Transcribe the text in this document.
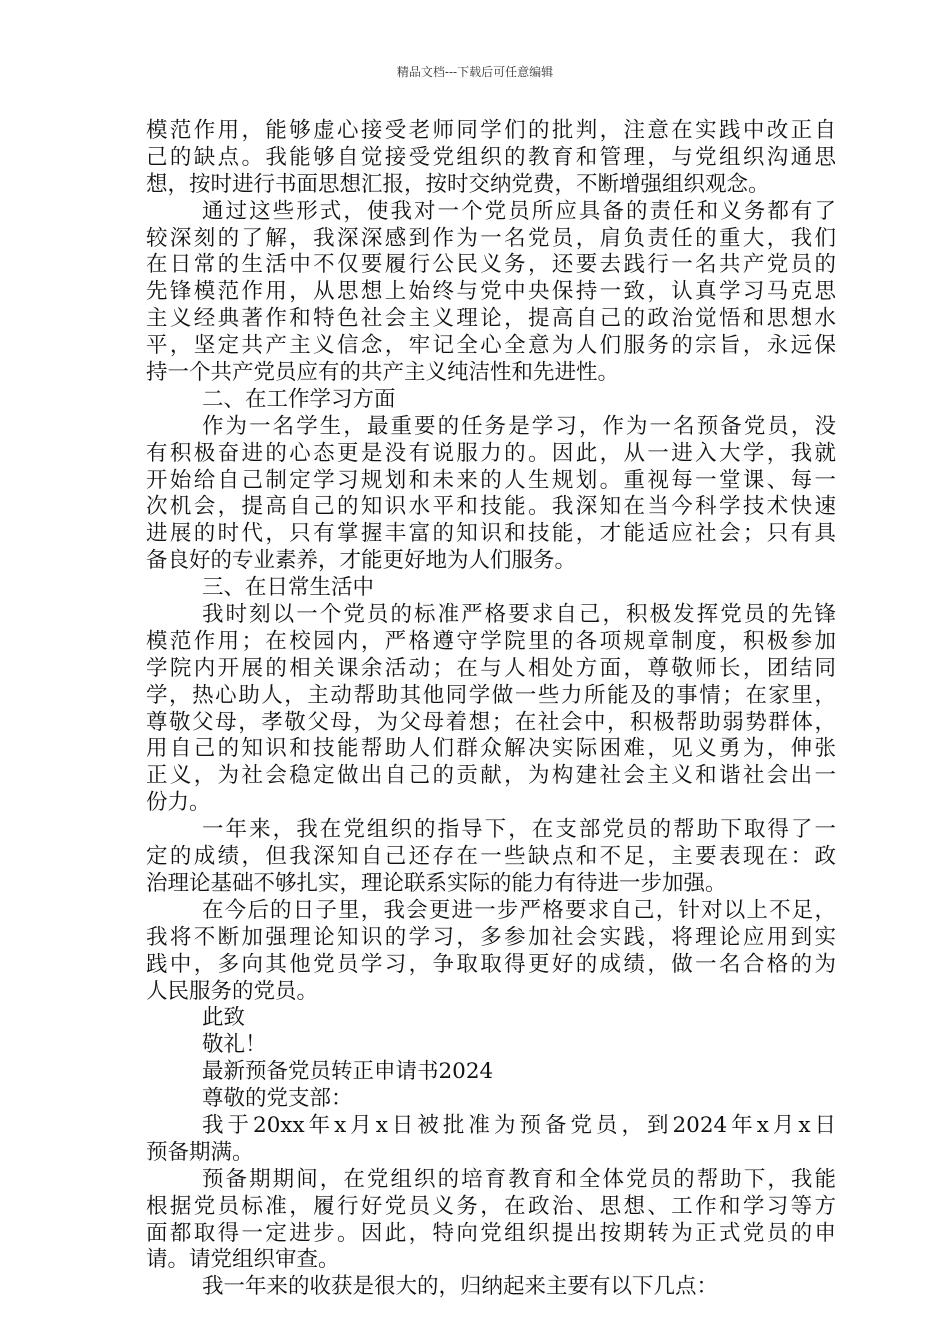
精品文档---下载后可任意编辑
模范作用，能够虚心接受老师同学们的批判，注意在实践中改正自
己的缺点。我能够自觉接受党组织的教育和管理，与党组织沟通思
想，按时进行书面思想汇报，按时交纳党费，不断增强组织观念。
通过这些形式，使我对一个党员所应具备的责任和义务都有了
较深刻的了解，我深深感到作为一名党员，肩负责任的重大，我们
在日常的生活中不仅要履行公民义务，还要去践行一名共产党员的
先锋模范作用，从思想上始终与党中央保持一致，认真学习马克思
主义经典著作和特色社会主义理论，提高自己的政治觉悟和思想水
平，坚定共产主义信念，牢记全心全意为人们服务的宗旨，永远保
持一个共产党员应有的共产主义纯洁性和先进性。
二、在工作学习方面
作为一名学生，最重要的任务是学习，作为一名预备党员，没
有积极奋进的心态更是没有说服力的。因此，从一进入大学，我就
开始给自己制定学习规划和未来的人生规划。重视每一堂课、每一
次机会，提高自己的知识水平和技能。我深知在当今科学技术快速
进展的时代，只有掌握丰富的知识和技能，才能适应社会；只有具
备良好的专业素养，才能更好地为人们服务。
三、在日常生活中
我时刻以一个党员的标准严格要求自己，积极发挥党员的先锋
模范作用；在校园内，严格遵守学院里的各项规章制度，积极参加
学院内开展的相关课余活动；在与人相处方面，尊敬师长，团结同
学，热心助人，主动帮助其他同学做一些力所能及的事情；在家里，
尊敬父母，孝敬父母，为父母着想；在社会中，积极帮助弱势群体，
用自己的知识和技能帮助人们群众解决实际困难，见义勇为，伸张
正义，为社会稳定做出自己的贡献，为构建社会主义和谐社会出一
份力。
一年来，我在党组织的指导下，在支部党员的帮助下取得了一
定的成绩，但我深知自己还存在一些缺点和不足，主要表现在：政
治理论基础不够扎实，理论联系实际的能力有待进一步加强。
在今后的日子里，我会更进一步严格要求自己，针对以上不足，
我将不断加强理论知识的学习，多参加社会实践，将理论应用到实
践中，多向其他党员学习，争取取得更好的成绩，做一名合格的为
人民服务的党员。
此致
敬礼！
最新预备党员转正申请书2024
尊敬的党支部：
我于20xx年x月x日被批准为预备党员，到2024年x月x日
预备期满。
预备期期间，在党组织的培育教育和全体党员的帮助下，我能
根据党员标准，履行好党员义务，在政治、思想、工作和学习等方
面都取得一定进步。因此，特向党组织提出按期转为正式党员的申
请。请党组织审查。
我一年来的收获是很大的，归纳起来主要有以下几点：
